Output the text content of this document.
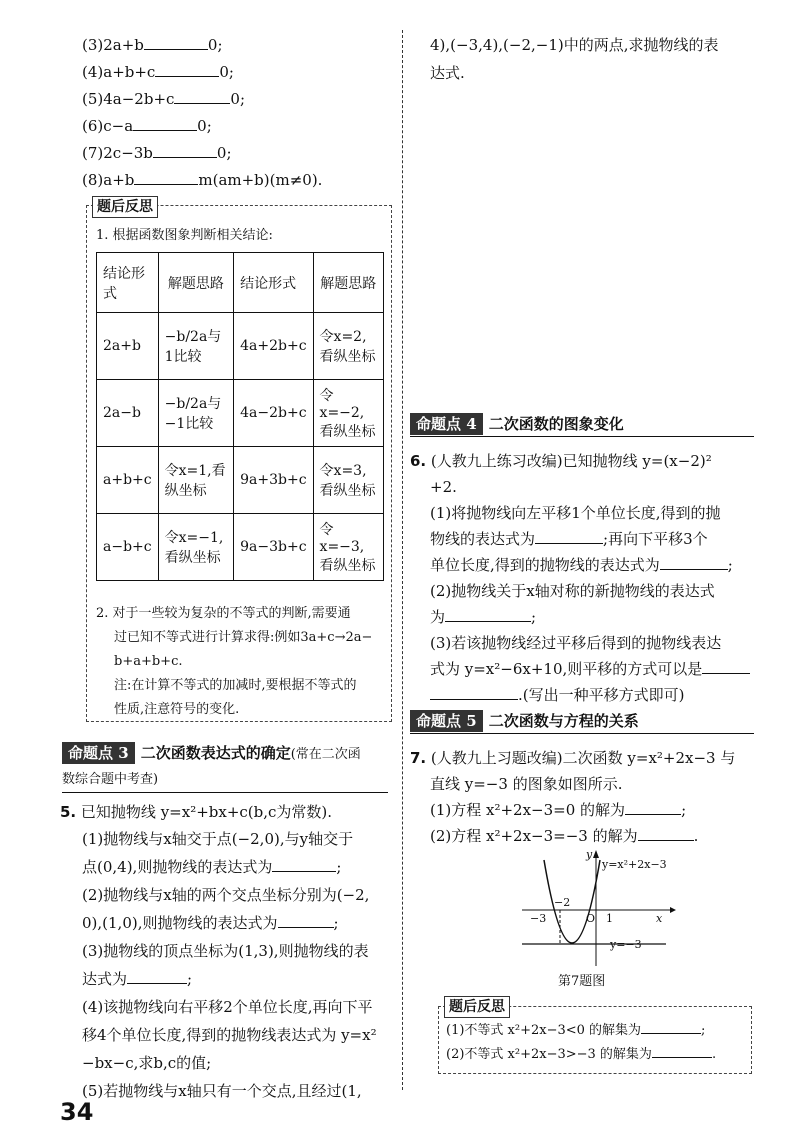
(3)2a+b	0;
(4)a+b+c	0;
(5)4a−2b+c	0;
(6)c−a	0;
(7)2c−3b	0;
(8)a+b	m(am+b)(m≠0).
题后反思
1. 根据函数图象判断相关结论:
结论形式	解题思路	结论形式	解题思路
2a+b	−b/2a与1比较	4a+2b+c	令x=2,看纵坐标
2a−b	−b/2a与−1比较	4a−2b+c	令x=−2,看纵坐标
a+b+c	令x=1,看纵坐标	9a+3b+c	令x=3,看纵坐标
a−b+c	令x=−1,看纵坐标	9a−3b+c	令x=−3,看纵坐标
2. 对于一些较为复杂的不等式的判断,需要通
过已知不等式进行计算求得:例如3a+c→2a−
b+a+b+c.
注:在计算不等式的加减时,要根据不等式的
性质,注意符号的变化.
命题点 3 二次函数表达式的确定(常在二次函
数综合题中考查)
5. 已知抛物线 y=x²+bx+c(b,c为常数).
(1)抛物线与x轴交于点(−2,0),与y轴交于
点(0,4),则抛物线的表达式为	;
(2)抛物线与x轴的两个交点坐标分别为(−2,
0),(1,0),则抛物线的表达式为	;
(3)抛物线的顶点坐标为(1,3),则抛物线的表
达式为	;
(4)该抛物线向右平移2个单位长度,再向下平
移4个单位长度,得到的抛物线表达式为 y=x²
−bx−c,求b,c的值;
(5)若抛物线与x轴只有一个交点,且经过(1,
34
4),(−3,4),(−2,−1)中的两点,求抛物线的表
达式.
命题点 4 二次函数的图象变化
6. (人教九上练习改编)已知抛物线 y=(x−2)²
+2.
(1)将抛物线向左平移1个单位长度,得到的抛
物线的表达式为	;再向下平移3个
单位长度,得到的抛物线的表达式为	;
(2)抛物线关于x轴对称的新抛物线的表达式
为	;
(3)若该抛物线经过平移后得到的抛物线表达
式为 y=x²−6x+10,则平移的方式可以是
.(写出一种平移方式即可)
命题点 5 二次函数与方程的关系
7. (人教九上习题改编)二次函数 y=x²+2x−3 与
直线 y=−3 的图象如图所示.
(1)方程 x²+2x−3=0 的解为	;
(2)方程 x²+2x−3=−3 的解为	.
y=x²+2x−3
y=−3
y
x
O
−3
−2
1
第7题图
题后反思
(1)不等式 x²+2x−3<0 的解集为	;
(2)不等式 x²+2x−3>−3 的解集为	.
